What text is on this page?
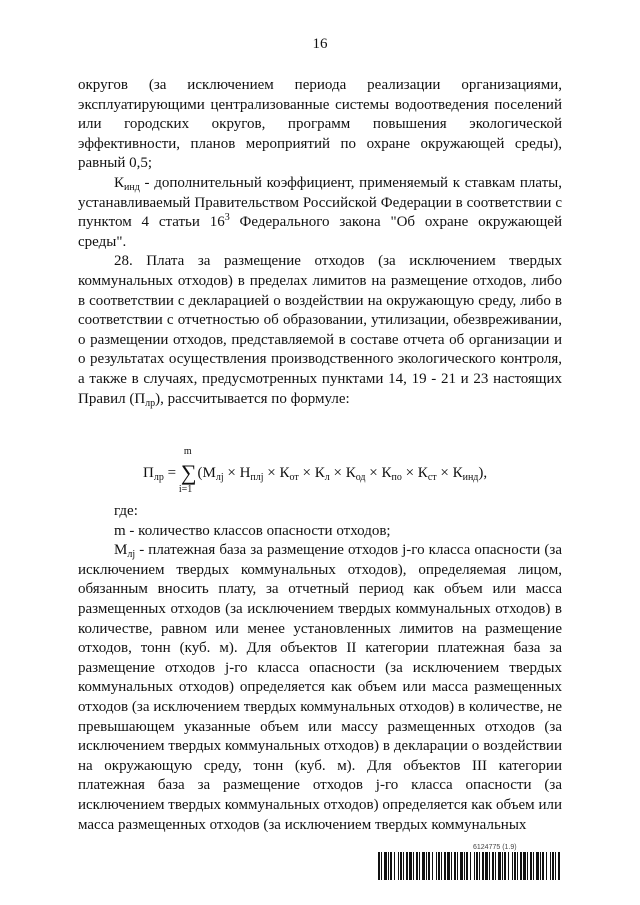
16

округов (за исключением периода реализации организациями, эксплуатирующими централизованные системы водоотведения поселений или городских округов, программ повышения экологической эффективности, планов мероприятий по охране окружающей среды), равный 0,5;

$К_{инд}$ - дополнительный коэффициент, применяемый к ставкам платы, устанавливаемый Правительством Российской Федерации в соответствии с пунктом 4 статьи $16^3$ Федерального закона "Об охране окружающей среды".

28. Плата за размещение отходов (за исключением твердых коммунальных отходов) в пределах лимитов на размещение отходов, либо в соответствии с декларацией о воздействии на окружающую среду, либо в соответствии с отчетностью об образовании, утилизации, обезвреживании, о размещении отходов, представляемой в составе отчета об организации и о результатах осуществления производственного экологического контроля, а также в случаях, предусмотренных пунктами 14, 19 - 21 и 23 настоящих Правил $(П_{лр})$, рассчитывается по формуле:

$П_{лр}$ = ∑
m
i=1
$(M_{лj} \times Н_{плj} \times К_{от} \times К_л \times К_{од} \times К_{по} \times К_{ст} \times К_{инд})$,

где:

m - количество классов опасности отходов;

$М_{лj}$ - платежная база за размещение отходов j-го класса опасности (за исключением твердых коммунальных отходов), определяемая лицом, обязанным вносить плату, за отчетный период как объем или масса размещенных отходов (за исключением твердых коммунальных отходов) в количестве, равном или менее установленных лимитов на размещение отходов, тонн (куб. м). Для объектов II категории платежная база за размещение отходов j-го класса опасности (за исключением твердых коммунальных отходов) определяется как объем или масса размещенных отходов (за исключением твердых коммунальных отходов) в количестве, не превышающем указанные объем или массу размещенных отходов (за исключением твердых коммунальных отходов) в декларации о воздействии на окружающую среду, тонн (куб. м). Для объектов III категории платежная база за размещение отходов j-го класса опасности (за исключением твердых коммунальных отходов) определяется как объем или масса размещенных отходов (за исключением твердых коммунальных

6124775 (1.9)
